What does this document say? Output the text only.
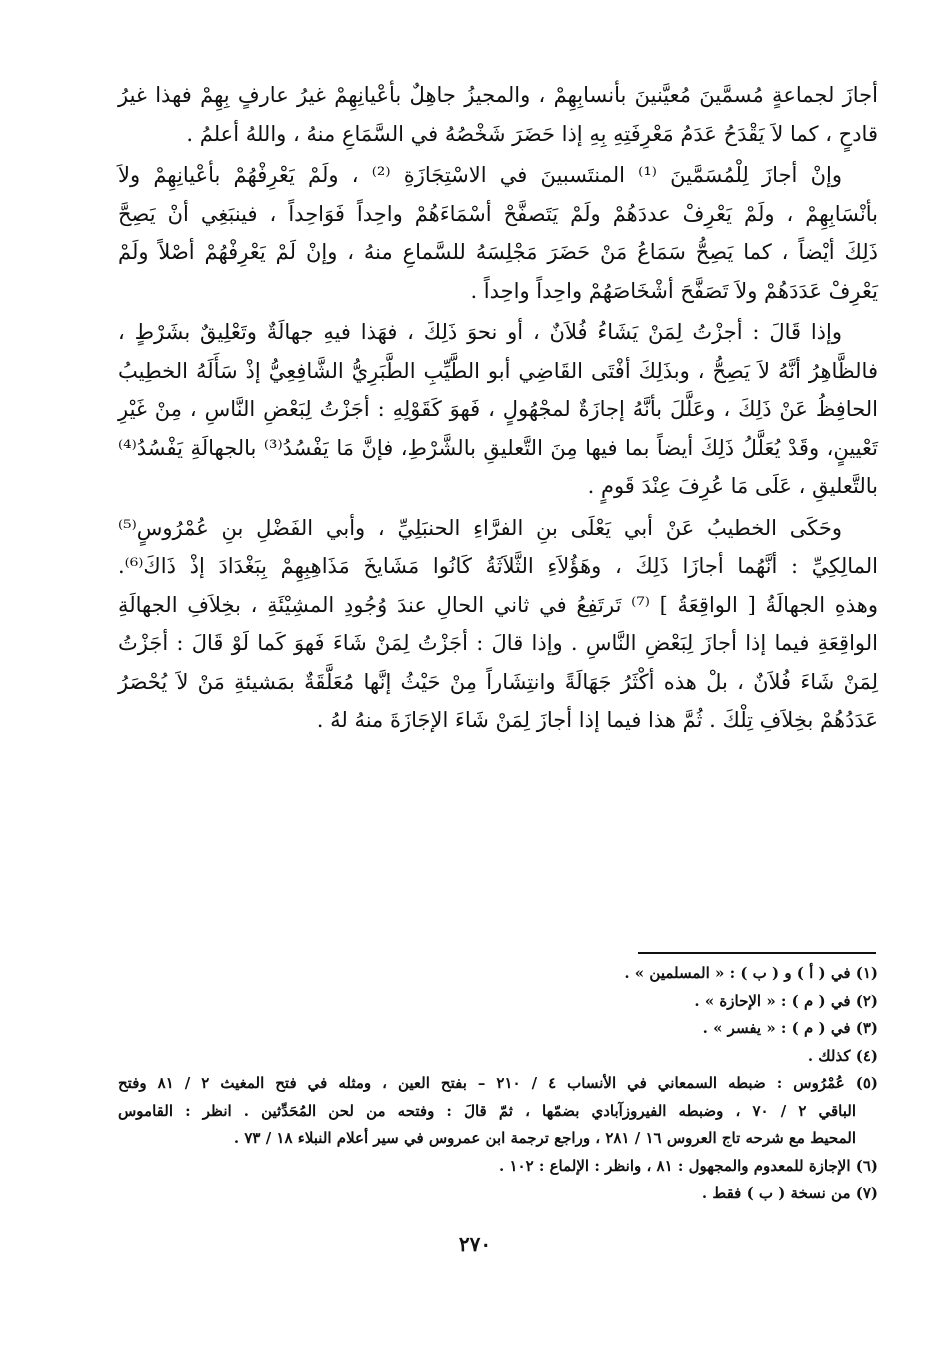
أجازَ لجماعةٍ مُسمَّينَ مُعيَّنينَ بأنسابِهِمْ ، والمجيزُ جاهِلٌ بأعْيانِهِمْ غيرُ عارفٍ بِهِمْ فهذا غيرُ
قادحٍ ، كما لاَ يَقْدَحُ عَدَمُ مَعْرِفَتِهِ بِهِ إذا حَضَرَ شَخْصُهُ في السَّمَاعِ منهُ ، واللهُ أعلمُ .
وإنْ أجازَ لِلْمُسَمَّينَ ⁽¹⁾ المنتَسبينَ في الاسْتِجَازَةِ ⁽²⁾ ، ولَمْ يَعْرِفْهُمْ بأعْيانِهِمْ ولاَ
بأنْسَابِهِمْ ، ولَمْ يَعْرِفْ عددَهُمْ ولَمْ يَتَصفَّحْ أسْمَاءَهُمْ واحِداً فَوَاحِداً ، فينبَغِي أنْ يَصِحَّ
ذَلِكَ أيْضاً ، كما يَصِحُّ سَمَاعُ مَنْ حَضَرَ مَجْلِسَهُ للسَّماعِ منهُ ، وإنْ لَمْ يَعْرِفْهُمْ أصْلاً ولَمْ
يَعْرِفْ عَدَدَهُمْ ولاَ تَصَفَّحَ أشْخَاصَهُمْ واحِداً واحِداً .
وإذا قَالَ : أجزْتُ لِمَنْ يَشَاءُ فُلاَنٌ ، أو نحوَ ذَلِكَ ، فهَذا فيهِ جهالَةٌ وتَعْلِيقٌ بشَرْطٍ ،
فالظَّاهِرُ أنَّهُ لاَ يَصِحُّ ، وبذَلِكَ أفْتَى القَاضِي أبو الطَّيِّبِ الطَّبَرِيُّ الشَّافِعِيُّ إذْ سَأَلَهُ الخطِيبُ
الحافِظُ عَنْ ذَلِكَ ، وعَلَّلَ بأنَّهُ إجازَةٌ لمجْهُولٍ ، فَهوَ كَقَوْلِهِ : أجَزْتُ لِبَعْضِ النَّاسِ ، مِنْ غَيْرِ
تَعْيينٍ، وقَدْ يُعَلَّلُ ذَلِكَ أيضاً بما فيها مِنَ التَّعليقِ بالشَّرْطِ، فإنَّ مَا يَفْسُدُ⁽³⁾ بالجهالَةِ يَفْسُدُ⁽⁴⁾
بالتَّعليقِ ، عَلَى مَا عُرِفَ عِنْدَ قَومٍ .
وحَكَى الخطيبُ عَنْ أبي يَعْلَى بنِ الفرَّاءِ الحنبَلِيِّ ، وأبي الفَضْلِ بنِ عُمْرُوسٍ⁽⁵⁾
المالِكِيِّ : أنَّهُما أجازَا ذَلِكَ ، وهَؤُلاَءِ الثَّلاَثَةُ كَانُوا مَشَايخَ مَذَاهِبِهِمْ بِبَغْدَادَ إذْ ذَاكَ⁽⁶⁾.
وهذهِ الجهالَةُ [ الواقِعَةُ ] ⁽⁷⁾ تَرتَفِعُ في ثاني الحالِ عندَ وُجُودِ المشِيْئَةِ ، بخِلاَفِ الجهالَةِ
الواقِعَةِ فيما إذا أجازَ لِبَعْضِ النَّاسِ . وإذا قالَ : أجَزْتُ لِمَنْ شَاءَ فَهوَ كَما لَوْ قَالَ : أجَزْتُ
لِمَنْ شَاءَ فُلاَنٌ ، بلْ هذه أكْثَرُ جَهَالَةً وانتِشَاراً مِنْ حَيْثُ إنَّها مُعَلَّقَةٌ بمَشيئةِ مَنْ لاَ يُحْصَرُ
عَدَدُهُمْ بخِلاَفِ تِلْكَ . ثُمَّ هذا فيما إذا أجازَ لِمَنْ شَاءَ الإجَازَةَ منهُ لهُ .
(١) في ( أ ) و ( ب ) : « المسلمين » .
(٢) في ( م ) : « الإحازة » .
(٣) في ( م ) : « يفسر » .
(٤) كذلك .
(٥) عُمْرُوس : ضبطه السمعاني في الأنساب ٤ / ٢١٠ – بفتح العين ، ومثله في فتح المغيث ٢ / ٨١ وفتح
الباقي ٢ / ٧٠ ، وضبطه الفيروزآبادي بضمّها ، ثمّ قالَ : وفتحه من لحن المُحَدِّثين . انظر : القاموس
المحيط مع شرحه تاج العروس ١٦ / ٢٨١ ، وراجع ترجمة ابن عمروس في سير أعلام النبلاء ١٨ / ٧٣ .
(٦) الإجازة للمعدوم والمجهول : ٨١ ، وانظر : الإلماع : ١٠٢ .
(٧) من نسخة ( ب ) فقط .
٢٧٠
